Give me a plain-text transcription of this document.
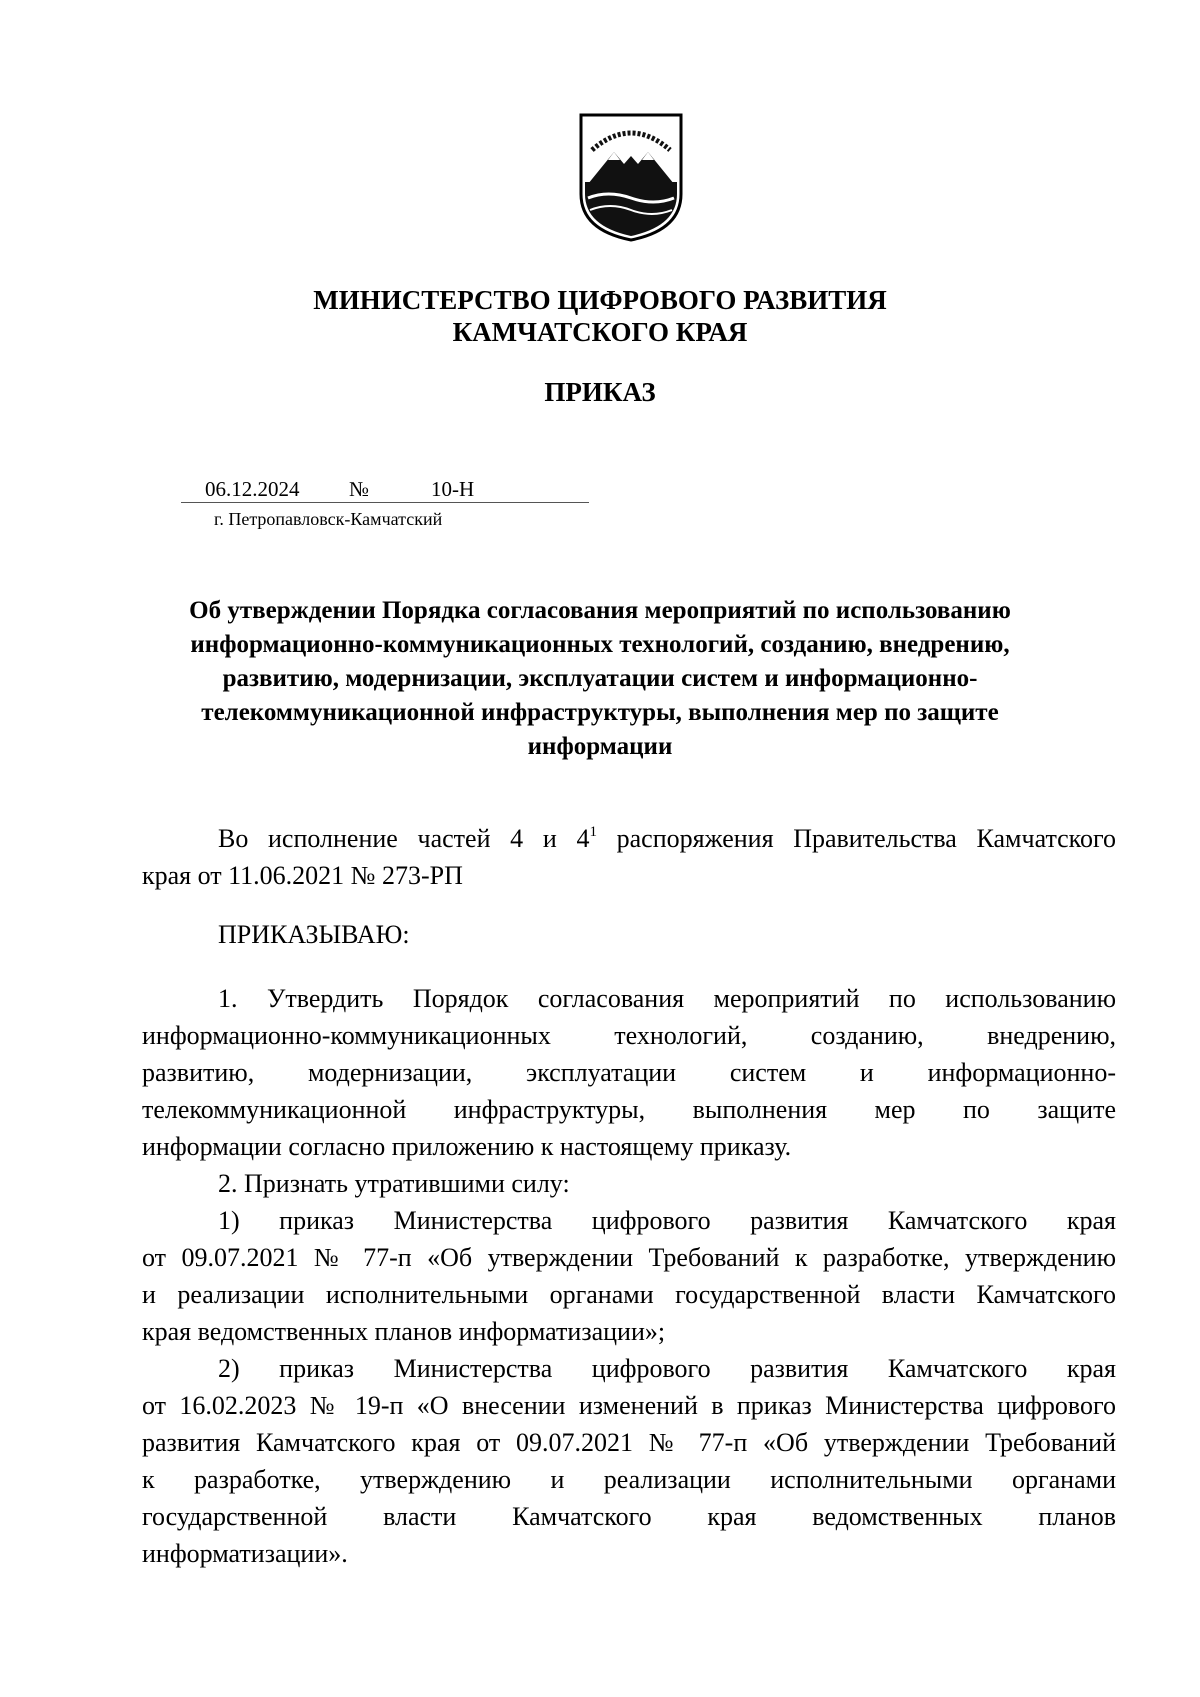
МИНИСТЕРСТВО ЦИФРОВОГО РАЗВИТИЯ
КАМЧАТСКОГО КРАЯ
ПРИКАЗ
06.12.2024 №	10-Н
г. Петропавловск-Камчатский
Об утверждении Порядка согласования мероприятий по использованию
информационно-коммуникационных технологий, созданию, внедрению,
развитию, модернизации, эксплуатации систем и информационно-
телекоммуникационной инфраструктуры, выполнения мер по защите
информации

Во исполнение частей 4 и $4^1$ распоряжения Правительства Камчатского

края от 11.06.2021 № 273-РП

ПРИКАЗЫВАЮ:

1. Утвердить Порядок согласования мероприятий по использованию

информационно-коммуникационных технологий, созданию, внедрению,

развитию, модернизации, эксплуатации систем и информационно-

телекоммуникационной инфраструктуры, выполнения мер по защите

информации согласно приложению к настоящему приказу.

2. Признать утратившими силу:

1) приказ Министерства цифрового развития Камчатского края

от 09.07.2021 № 77-п «Об утверждении Требований к разработке, утверждению

и реализации исполнительными органами государственной власти Камчатского

края ведомственных планов информатизации»;

2) приказ Министерства цифрового развития Камчатского края

от 16.02.2023 № 19-п «О внесении изменений в приказ Министерства цифрового

развития Камчатского края от 09.07.2021 № 77-п «Об утверждении Требований

к разработке, утверждению и реализации исполнительными органами

государственной власти Камчатского края ведомственных планов

информатизации».
